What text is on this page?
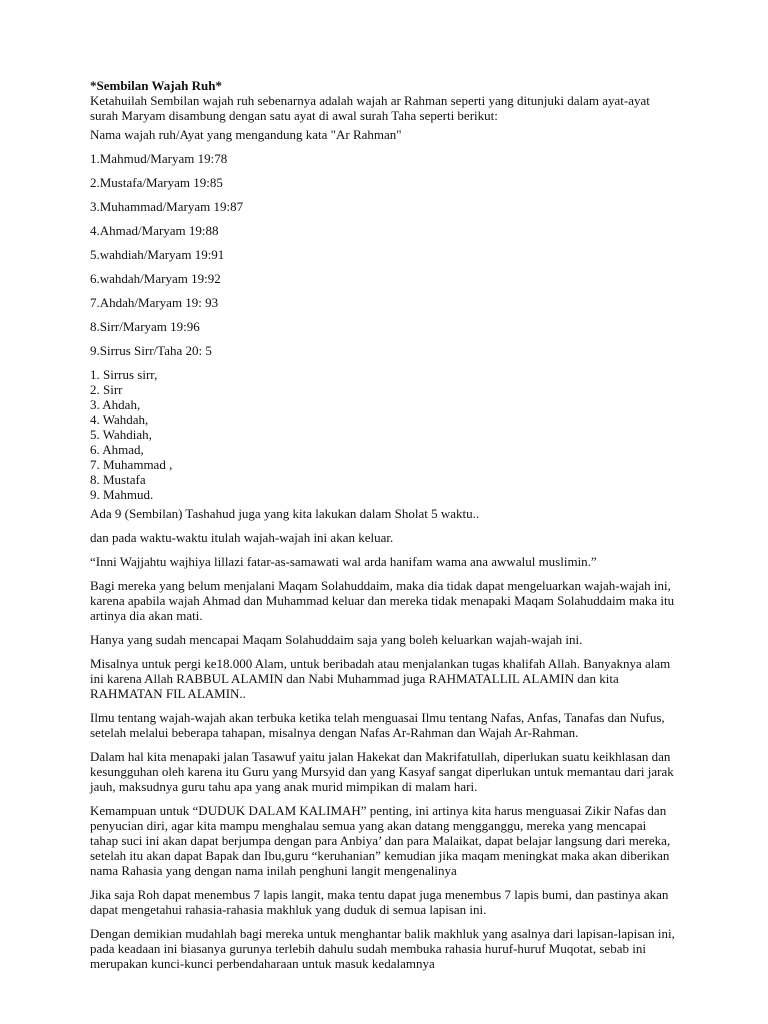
*Sembilan Wajah Ruh*

Ketahuilah Sembilan wajah ruh sebenarnya adalah wajah ar Rahman seperti yang ditunjuki dalam ayat-ayat surah Maryam disambung dengan satu ayat di awal surah Taha seperti berikut:

Nama wajah ruh/Ayat yang mengandung kata "Ar Rahman"

1.Mahmud/Maryam 19:78

2.Mustafa/Maryam 19:85

3.Muhammad/Maryam 19:87

4.Ahmad/Maryam 19:88

5.wahdiah/Maryam 19:91

6.wahdah/Maryam 19:92

7.Ahdah/Maryam 19: 93

8.Sirr/Maryam 19:96

9.Sirrus Sirr/Taha 20: 5

1. Sirrus sirr,
2. Sirr
3. Ahdah,
4. Wahdah,
5. Wahdiah,
6. Ahmad,
7. Muhammad ,
8. Mustafa
9. Mahmud.

Ada 9 (Sembilan) Tashahud juga yang kita lakukan dalam Sholat 5 waktu..

dan pada waktu-waktu itulah wajah-wajah ini akan keluar.

“Inni Wajjahtu wajhiya lillazi fatar-as-samawati wal arda hanifam wama ana awwalul muslimin.”

Bagi mereka yang belum menjalani Maqam Solahuddaim, maka dia tidak dapat mengeluarkan wajah-wajah ini, karena apabila wajah Ahmad dan Muhammad keluar dan mereka tidak menapaki Maqam Solahuddaim maka itu artinya dia akan mati.

Hanya yang sudah mencapai Maqam Solahuddaim saja yang boleh keluarkan wajah-wajah ini.

Misalnya untuk pergi ke18.000 Alam, untuk beribadah atau menjalankan tugas khalifah Allah. Banyaknya alam ini karena Allah RABBUL ALAMIN dan Nabi Muhammad juga RAHMATALLIL ALAMIN dan kita RAHMATAN FIL ALAMIN..

Ilmu tentang wajah-wajah akan terbuka ketika telah menguasai Ilmu tentang Nafas, Anfas, Tanafas dan Nufus, setelah melalui beberapa tahapan, misalnya dengan Nafas Ar-Rahman dan Wajah Ar-Rahman.

Dalam hal kita menapaki jalan Tasawuf yaitu jalan Hakekat dan Makrifatullah, diperlukan suatu keikhlasan dan kesungguhan oleh karena itu Guru yang Mursyid dan yang Kasyaf sangat diperlukan untuk memantau dari jarak jauh, maksudnya guru tahu apa yang anak murid mimpikan di malam hari.

Kemampuan untuk “DUDUK DALAM KALIMAH” penting, ini artinya kita harus menguasai Zikir Nafas dan penyucian diri, agar kita mampu menghalau semua yang akan datang mengganggu, mereka yang mencapai tahap suci ini akan dapat berjumpa dengan para Anbiya’ dan para Malaikat, dapat belajar langsung dari mereka, setelah itu akan dapat Bapak dan Ibu,guru “keruhanian” kemudian jika maqam meningkat maka akan diberikan nama Rahasia yang dengan nama inilah penghuni langit mengenalinya

Jika saja Roh dapat menembus 7 lapis langit, maka tentu dapat juga menembus 7 lapis bumi, dan pastinya akan dapat mengetahui rahasia-rahasia makhluk yang duduk di semua lapisan ini.

Dengan demikian mudahlah bagi mereka untuk menghantar balik makhluk yang asalnya dari lapisan-lapisan ini, pada keadaan ini biasanya gurunya terlebih dahulu sudah membuka rahasia huruf-huruf Muqotat, sebab ini merupakan kunci-kunci perbendaharaan untuk masuk kedalamnya
